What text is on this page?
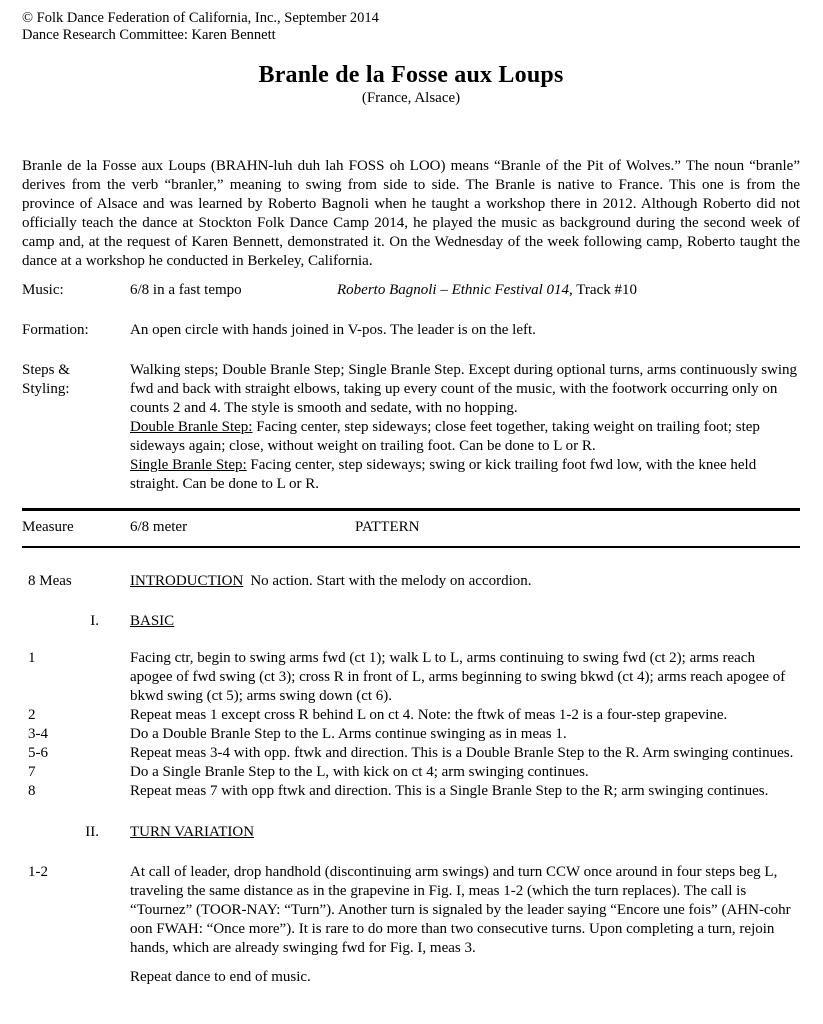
© Folk Dance Federation of California, Inc., September 2014
Dance Research Committee: Karen Bennett
Branle de la Fosse aux Loups
(France, Alsace)

Branle de la Fosse aux Loups (BRAHN-luh duh lah FOSS oh LOO) means “Branle of the Pit of Wolves.” The noun “branle” derives from the verb “branler,” meaning to swing from side to side. The Branle is native to France. This one is from the province of Alsace and was learned by Roberto Bagnoli when he taught a workshop there in 2012. Although Roberto did not officially teach the dance at Stockton Folk Dance Camp 2014, he played the music as background during the second week of camp and, at the request of Karen Bennett, demonstrated it. On the Wednesday of the week following camp, Roberto taught the dance at a workshop he conducted in Berkeley, California.

Music:	6/8 in a fast tempo	Roberto Bagnoli – Ethnic Festival 014, Track #10
Formation:	An open circle with hands joined in V-pos. The leader is on the left.
Steps &
Styling:
Walking steps; Double Branle Step; Single Branle Step. Except during optional turns, arms continuously swing fwd and back with straight elbows, taking up every count of the music, with the footwork occurring only on counts 2 and 4. The style is smooth and sedate, with no hopping.
Double Branle Step: Facing center, step sideways; close feet together, taking weight on trailing foot; step sideways again; close, without weight on trailing foot. Can be done to L or R.
Single Branle Step: Facing center, step sideways; swing or kick trailing foot fwd low, with the knee held straight. Can be done to L or R.
Measure	6/8 meter	PATTERN
8 Meas	INTRODUCTION No action. Start with the melody on accordion.
I.	BASIC
1	Facing ctr, begin to swing arms fwd (ct 1); walk L to L, arms continuing to swing fwd (ct 2); arms reach apogee of fwd swing (ct 3); cross R in front of L, arms beginning to swing bkwd (ct 4); arms reach apogee of bkwd swing (ct 5); arms swing down (ct 6).
2	Repeat meas 1 except cross R behind L on ct 4. Note: the ftwk of meas 1-2 is a four-step grapevine.
3-4	Do a Double Branle Step to the L. Arms continue swinging as in meas 1.
5-6	Repeat meas 3-4 with opp. ftwk and direction. This is a Double Branle Step to the R. Arm swinging continues.
7	Do a Single Branle Step to the L, with kick on ct 4; arm swinging continues.
8	Repeat meas 7 with opp ftwk and direction. This is a Single Branle Step to the R; arm swinging continues.
II.	TURN VARIATION
1-2	At call of leader, drop handhold (discontinuing arm swings) and turn CCW once around in four steps beg L, traveling the same distance as in the grapevine in Fig. I, meas 1-2 (which the turn replaces). The call is “Tournez” (TOOR-NAY: “Turn”). Another turn is signaled by the leader saying “Encore une fois” (AHN-cohr oon FWAH: “Once more”). It is rare to do more than two consecutive turns. Upon completing a turn, rejoin hands, which are already swinging fwd for Fig. I, meas 3.
Repeat dance to end of music.
